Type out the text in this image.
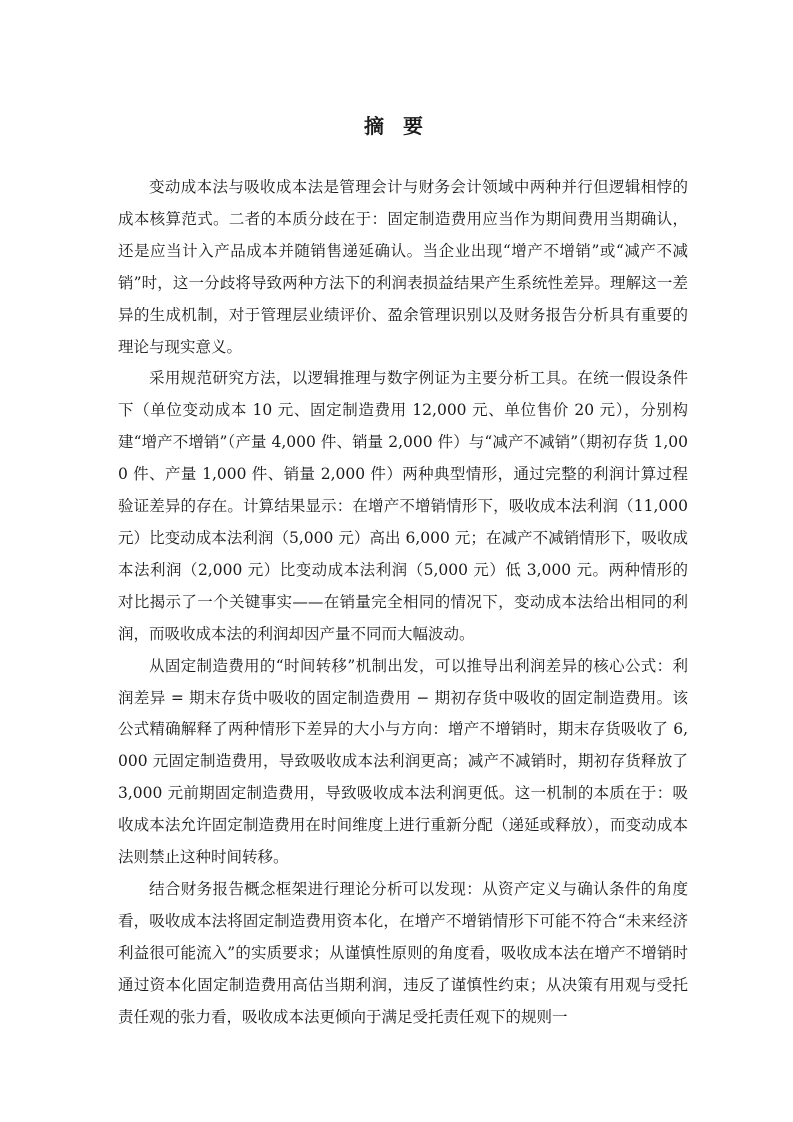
摘 要

变动成本法与吸收成本法是管理会计与财务会计领域中两种并行但逻辑相悖的成本核算范式。二者的本质分歧在于：固定制造费用应当作为期间费用当期确认，还是应当计入产品成本并随销售递延确认。当企业出现“增产不增销”或“减产不减销”时，这一分歧将导致两种方法下的利润表损益结果产生系统性差异。理解这一差异的生成机制，对于管理层业绩评价、盈余管理识别以及财务报告分析具有重要的理论与现实意义。

采用规范研究方法，以逻辑推理与数字例证为主要分析工具。在统一假设条件下（单位变动成本 10 元、固定制造费用 12,000 元、单位售价 20 元），分别构建“增产不增销”（产量 4,000 件、销量 2,000 件）与“减产不减销”（期初存货 1,000 件、产量 1,000 件、销量 2,000 件）两种典型情形，通过完整的利润计算过程验证差异的存在。计算结果显示：在增产不增销情形下，吸收成本法利润（11,000 元）比变动成本法利润（5,000 元）高出 6,000 元；在减产不减销情形下，吸收成本法利润（2,000 元）比变动成本法利润（5,000 元）低 3,000 元。两种情形的对比揭示了一个关键事实——在销量完全相同的情况下，变动成本法给出相同的利润，而吸收成本法的利润却因产量不同而大幅波动。

从固定制造费用的“时间转移”机制出发，可以推导出利润差异的核心公式：利润差异 = 期末存货中吸收的固定制造费用 − 期初存货中吸收的固定制造费用。该公式精确解释了两种情形下差异的大小与方向：增产不增销时，期末存货吸收了 6,000 元固定制造费用，导致吸收成本法利润更高；减产不减销时，期初存货释放了 3,000 元前期固定制造费用，导致吸收成本法利润更低。这一机制的本质在于：吸收成本法允许固定制造费用在时间维度上进行重新分配（递延或释放），而变动成本法则禁止这种时间转移。

结合财务报告概念框架进行理论分析可以发现：从资产定义与确认条件的角度看，吸收成本法将固定制造费用资本化，在增产不增销情形下可能不符合“未来经济利益很可能流入”的实质要求；从谨慎性原则的角度看，吸收成本法在增产不增销时通过资本化固定制造费用高估当期利润，违反了谨慎性约束；从决策有用观与受托责任观的张力看，吸收成本法更倾向于满足受托责任观下的规则一
